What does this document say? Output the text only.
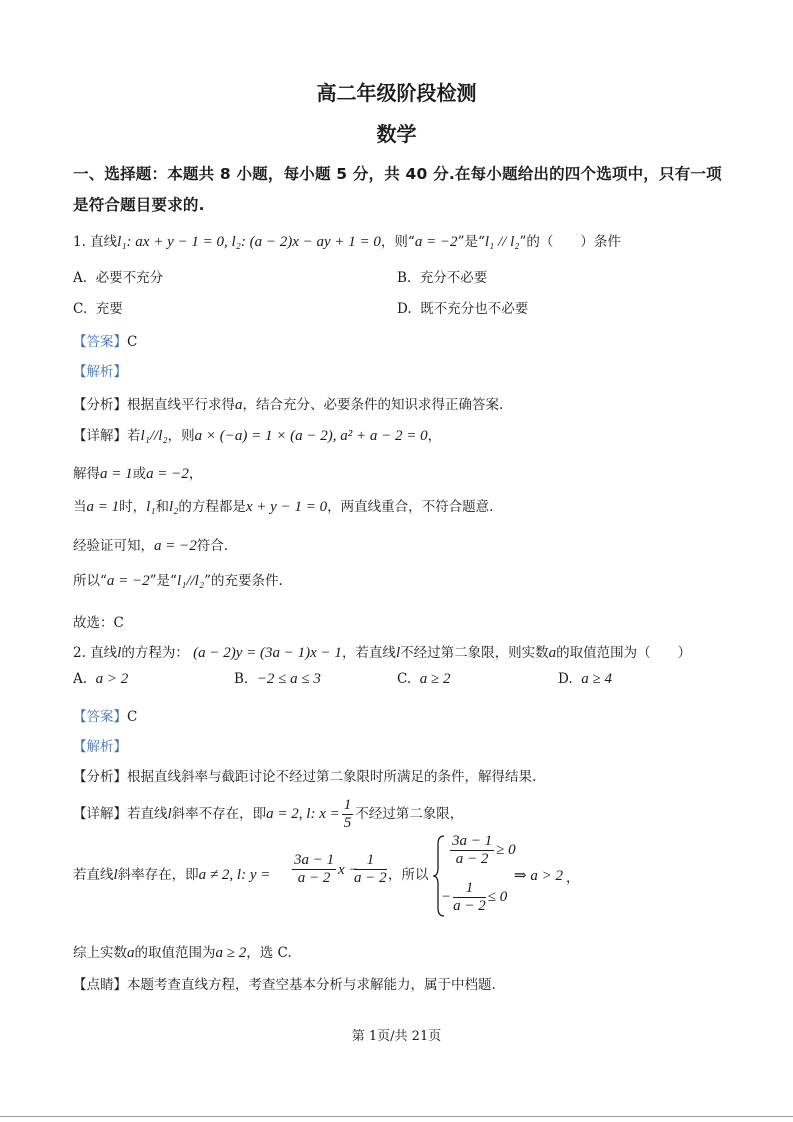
高二年级阶段检测
数学
一、选择题：本题共 8 小题，每小题 5 分，共 40 分.在每小题给出的四个选项中，只有一项
是符合题目要求的.
1. 直线l₁: ax + y − 1 = 0, l₂: (a − 2)x − ay + 1 = 0，则“a = −2”是“l₁ // l₂”的（　　）条件
A. 必要不充分	B. 充分不必要
C. 充要	D. 既不充分也不必要
【答案】C
【解析】
【分析】根据直线平行求得a，结合充分、必要条件的知识求得正确答案.
【详解】若l₁//l₂，则a × (−a) = 1 × (a − 2), a² + a − 2 = 0，
解得a = 1或a = −2，
当a = 1时，l₁和l₂的方程都是x + y − 1 = 0，两直线重合，不符合题意.
经验证可知，a = −2符合.
所以“a = −2”是“l₁//l₂”的充要条件.
故选：C
2. 直线l的方程为： (a − 2)y = (3a − 1)x − 1，若直线l不经过第二象限，则实数a的取值范围为（　　）
A. a > 2	B. −2 ≤ a ≤ 3	C. a ≥ 2	D. a ≥ 4
【答案】C
【解析】
【分析】根据直线斜率与截距讨论不经过第二象限时所满足的条件，解得结果.
【详解】若直线l斜率不存在，即a = 2, l: $x = \frac{1}{5}$ 不经过第二象限，
若直线l斜率存在，即a ≠ 2, l: $y = \frac{3a - 1}{a - 2}$ x −
$\frac{1}{a - 2}$ ，所以
$\frac{3a - 1}{a - 2} \ge 0$
− $\frac{1}{a - 2} \le 0$
⇒ a > 2 ，
综上实数a的取值范围为a ≥ 2，选 C.
【点睛】本题考查直线方程，考查空基本分析与求解能力，属于中档题.
第 1页/共 21页
